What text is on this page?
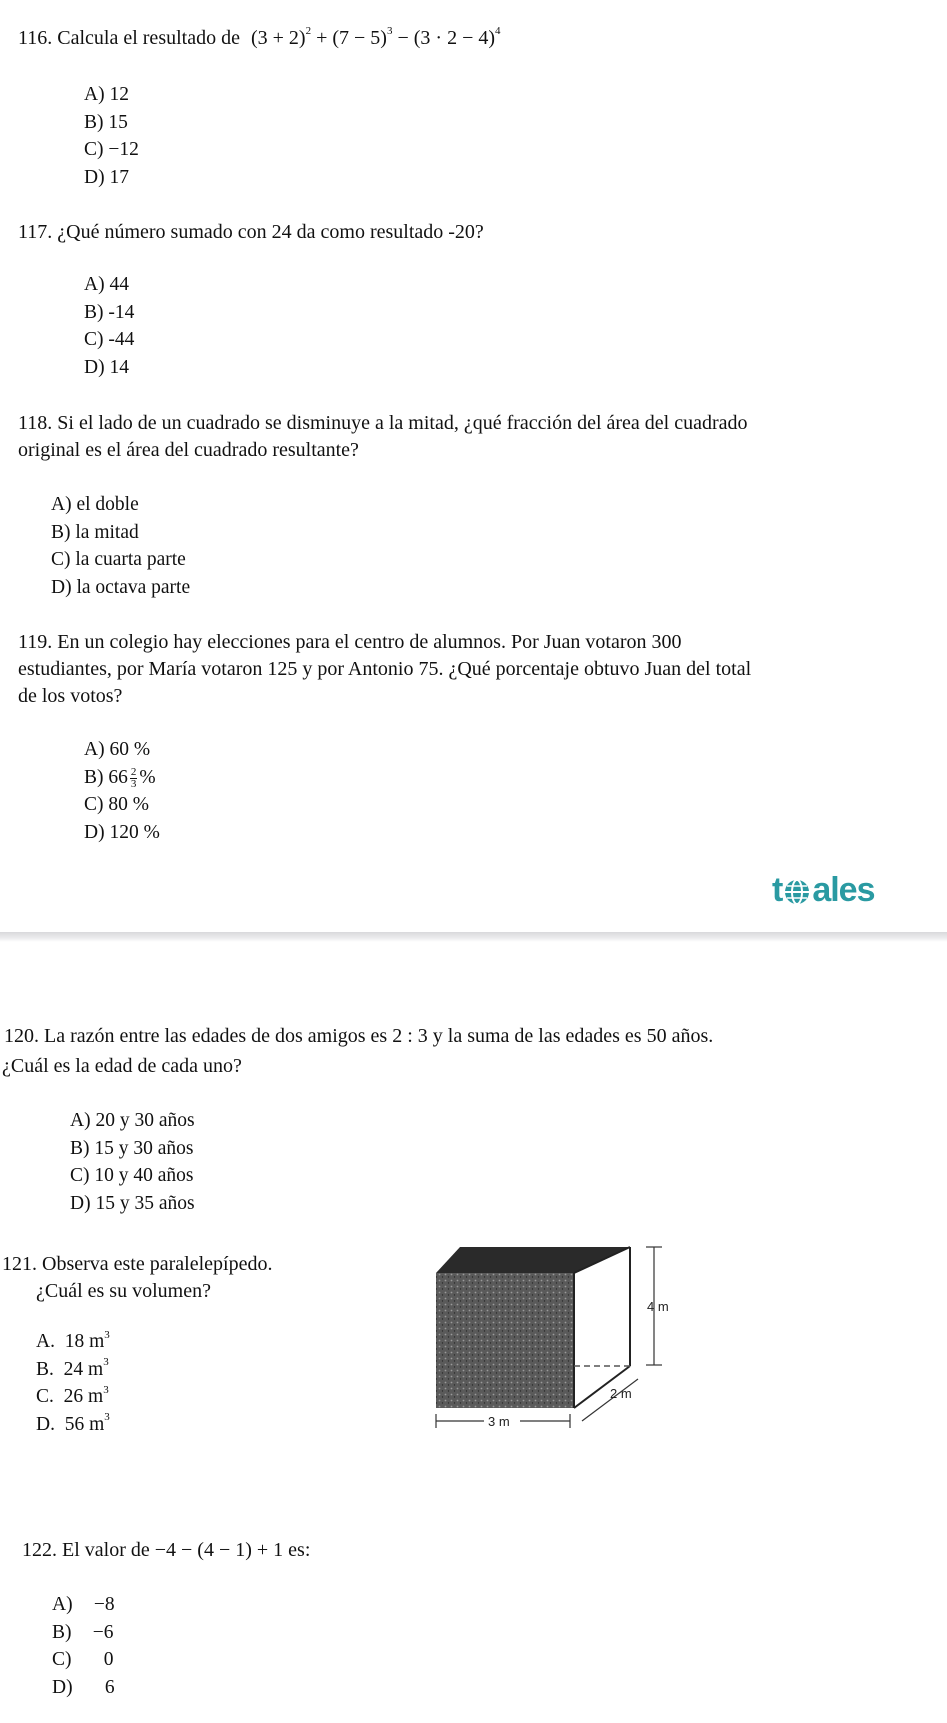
116. Calcula el resultado de $(3 + 2)^2 + (7 - 5)^3 - (3 \cdot 2 - 4)^4$
A) 12
B) 15
C) −12
D) 17
117. ¿Qué número sumado con 24 da como resultado -20?
A) 44
B) -14
C) -44
D) 14
118. Si el lado de un cuadrado se disminuye a la mitad, ¿qué fracción del área del cuadrado
original es el área del cuadrado resultante?
A) el doble
B) la mitad
C) la cuarta parte
D) la octava parte
119. En un colegio hay elecciones para el centro de alumnos. Por Juan votaron 300
estudiantes, por María votaron 125 y por Antonio 75. ¿Qué porcentaje obtuvo Juan del total
de los votos?
A) 60 %
B) $66 \frac{2}{3}$ %
C) 80 %
D) 120 %
t ales
120. La razón entre las edades de dos amigos es 2 : 3 y la suma de las edades es 50 años.
¿Cuál es la edad de cada uno?
A) 20 y 30 años
B) 15 y 30 años
C) 10 y 40 años
D) 15 y 35 años
121. Observa este paralelepípedo.
¿Cuál es su volumen?
A. 18 $m^3$
B. 24 $m^3$
C. 26 $m^3$
D. 56 $m^3$
4 m
2 m
3 m
122. El valor de −4 − (4 − 1) + 1 es:
A) −8
B) −6
C) 0
D) 6
